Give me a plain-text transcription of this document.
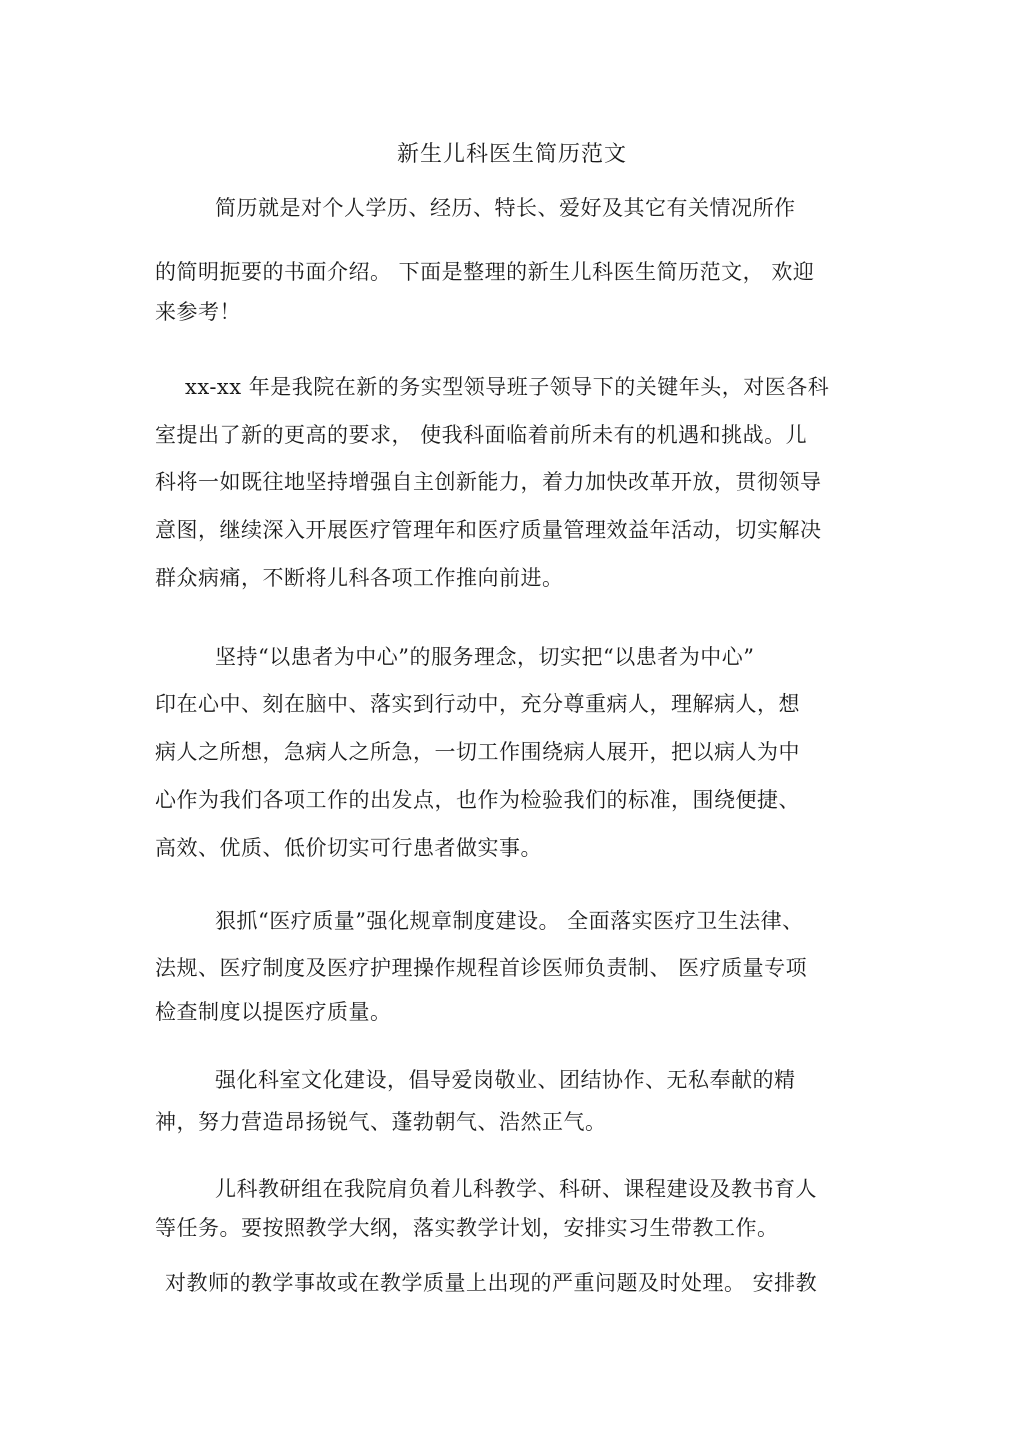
新生儿科医生简历范文
简历就是对个人学历、经历、特长、爱好及其它有关情况所作
的简明扼要的书面介绍。 下面是整理的新生儿科医生简历范文， 欢迎
来参考！
xx-xx 年是我院在新的务实型领导班子领导下的关键年头，对医各科
室提出了新的更高的要求， 使我科面临着前所未有的机遇和挑战。儿
科将一如既往地坚持增强自主创新能力，着力加快改革开放，贯彻领导
意图，继续深入开展医疗管理年和医疗质量管理效益年活动，切实解决
群众病痛，不断将儿科各项工作推向前进。
坚持“以患者为中心”的服务理念，切实把“以患者为中心”
印在心中、刻在脑中、落实到行动中，充分尊重病人，理解病人，想
病人之所想，急病人之所急，一切工作围绕病人展开，把以病人为中
心作为我们各项工作的出发点，也作为检验我们的标准，围绕便捷、
高效、优质、低价切实可行患者做实事。
狠抓“医疗质量”强化规章制度建设。 全面落实医疗卫生法律、
法规、医疗制度及医疗护理操作规程首诊医师负责制、 医疗质量专项
检查制度以提医疗质量。
强化科室文化建设，倡导爱岗敬业、团结协作、无私奉献的精
神，努力营造昂扬锐气、蓬勃朝气、浩然正气。
儿科教研组在我院肩负着儿科教学、科研、课程建设及教书育人
等任务。要按照教学大纲，落实教学计划，安排实习生带教工作。
对教师的教学事故或在教学质量上出现的严重问题及时处理。 安排教
